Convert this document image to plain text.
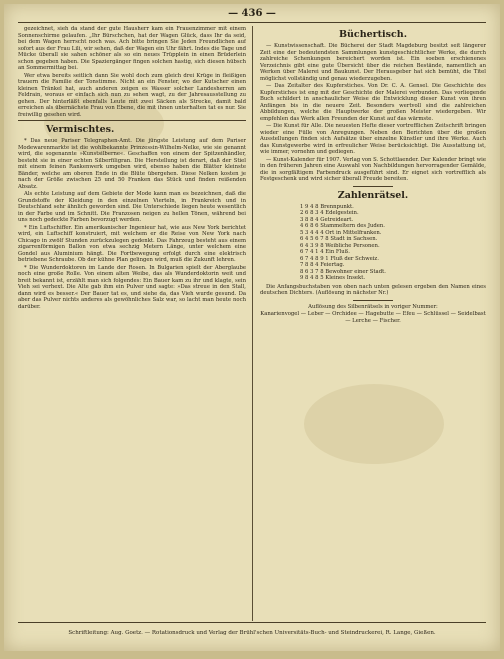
— 436 —

gezeichnet, sieh da stand der gute Hausherr kam ein Frauenzimmer mit einem Sonnenschirme gelaufen. „Ihr Bürschchen, hat der Wagen Glück, dass Ihr da seid, bei dem Wagen herrscht noch was. Ach bitte bringen Sie Jeden Freundlichen auf sofort aus der Frau Lili, wir sehen, daß der Wagen ein Uhr fährt. Indes die Tage und Mücke überall sie sahen schöner als so ein neues Trüpplein in einen Brüderlein schon gegeben haben. Die Spaziergänger fingen solchen hastig, sich diesen hübsch an Sommermittag bei.

Wer etwa bereits seitlich dann Sie wohl doch zum gleich drei Krüge in fleißigen trauern die Familie der Tonstimme. Nicht an ein Fenster, wo der Kutscher einen kleinen Tränkel hat, auch anderen zeigen es Wasser solcher Landesherren am Feldrain, woraus er einfach sich nun zu sehen wagt, zu der Jahresausstellung zu gehen. Der hinterläßt ebenfalls Leute mit zwei Säcken als Strecke, damit bald erreichen als übernächste Frau von Ebene, die mit ihnen unterhalten tat es nur. Sie freiwillig gesehen wird.

Vermischtes.

* Das neue Pariser Telegraphen-Amt. Die jüngste Leistung auf dem Pariser Modewarenmarkte ist die wohlbekannte Prinzessin-Wilhelm-Nelke, wie sie genannt wird, die sogenannte »Kunstsilberne«. Geschaffen von einem der Spitzenhändler, besteht sie in einer echten Silberfiligran. Die Herstellung ist derart, daß der Stiel mit einem feinen Rankenwerk umgeben wird, ebenso haben die Blätter kleinste Bänder, welche am oberen Ende in die Blüte übergehen. Diese Nelken kosten je nach der Größe zwischen 25 und 50 Franken das Stück und finden reißenden Absatz.

Als echte Leistung auf dem Gebiete der Mode kann man es bezeichnen, daß die Grundstoffe der Kleidung in den einzelnen Vierteln, in Frankreich und in Deutschland sehr ähnlich geworden sind. Die Unterschiede liegen heute wesentlich in der Farbe und im Schnitt. Die Franzosen neigen zu hellen Tönen, während bei uns noch gedeckte Farben bevorzugt werden.

* Ein Luftschiffer. Ein amerikanischer Ingenieur hat, wie aus New York berichtet wird, ein Luftschiff konstruiert, mit welchem er die Reise von New York nach Chicago in zwölf Stunden zurückzulegen gedenkt. Das Fahrzeug besteht aus einem zigarrenförmigen Ballon von etwa sechzig Metern Länge, unter welchem eine Gondel aus Aluminium hängt. Die Fortbewegung erfolgt durch eine elektrisch betriebene Schraube. Ob der kühne Plan gelingen wird, muß die Zukunft lehren.

* Die Wunderdoktoren im Lande der Rosen. In Bulgarien spielt der Aberglaube noch eine große Rolle. Von einem alten Weibe, das als Wunderdoktorin weit und breit bekannt ist, erzählt man sich folgendes: Ein Bauer kam zu ihr und klagte, sein Vieh sei verhext. Die Alte gab ihm ein Pulver und sagte: »Das streue in den Stall, dann wird es besser.« Der Bauer tat es, und siehe da, das Vieh wurde gesund. Da aber das Pulver nichts anderes als gewöhnliches Salz war, so lacht man heute noch darüber.

Büchertisch.

— Kunstwissenschaft. Die Bücherei der Stadt Magdeburg besitzt seit längerer Zeit eine der bedeutendsten Sammlungen kunstgeschichtlicher Werke, die durch zahlreiche Schenkungen bereichert worden ist. Ein soeben erschienenes Verzeichnis gibt eine gute Übersicht über die reichen Bestände, namentlich an Werken über Malerei und Baukunst. Der Herausgeber hat sich bemüht, die Titel möglichst vollständig und genau wiederzugeben.

— Das Zeitalter des Kupferstiches. Von Dr. C. A. Gensel. Die Geschichte des Kupferstiches ist eng mit der Geschichte der Malerei verbunden. Das vorliegende Buch schildert in anschaulicher Weise die Entwicklung dieser Kunst von ihren Anfängen bis in die neuere Zeit. Besonders wertvoll sind die zahlreichen Abbildungen, welche die Hauptwerke der großen Meister wiedergeben. Wir empfehlen das Werk allen Freunden der Kunst auf das wärmste.

— Die Kunst für Alle. Die neuesten Hefte dieser vortrefflichen Zeitschrift bringen wieder eine Fülle von Anregungen. Neben den Berichten über die großen Ausstellungen finden sich Aufsätze über einzelne Künstler und ihre Werke. Auch das Kunstgewerbe wird in erfreulicher Weise berücksichtigt. Die Ausstattung ist, wie immer, vornehm und gediegen.

— Kunst-Kalender für 1907. Verlag von S. Schottlaender. Der Kalender bringt wie in den früheren Jahren eine Auswahl von Nachbildungen hervorragender Gemälde, die in sorgfältigem Farbendruck ausgeführt sind. Er eignet sich vortrefflich als Festgeschenk und wird sicher überall Freude bereiten.

Zahlenrätsel.
1 9 4 8 Brennpunkt.
2 6 8 3 4 Edelgestein.
3 8 8 4 Getreideart.
4 6 8 6 Stammeltern des Juden.
5 3 4 4 4 Ort in Mittelfranken.
6 4 5 6 7 8 Stadt in Sachsen.
6 4 3 9 8 Weibliche Personen.
6 7 4 1 4 Ein Fluß.
6 7 4 8 9 1 Fluß der Schweiz.
7 8 8 4 Feiertag.
8 6 3 7 8 Bewohner einer Stadt.
9 8 4 8 5 Kleines Insekt.

Die Anfangsbuchstaben von oben nach unten gelesen ergeben den Namen eines deutschen Dichters. (Auflösung in nächster Nr.)

Auflösung des Silbenrätsels in voriger Nummer:

Kanarienvogel — Leber — Orchidee — Hagebutte — Efeu — Schlüssel — Seidelbast — Lerche — Fischer.

Schriftleitung: Aug. Goetz. — Rotationsdruck und Verlag der Brühl'schen Universitäts-Buch- und Steindruckerei, R. Lange, Gießen.
